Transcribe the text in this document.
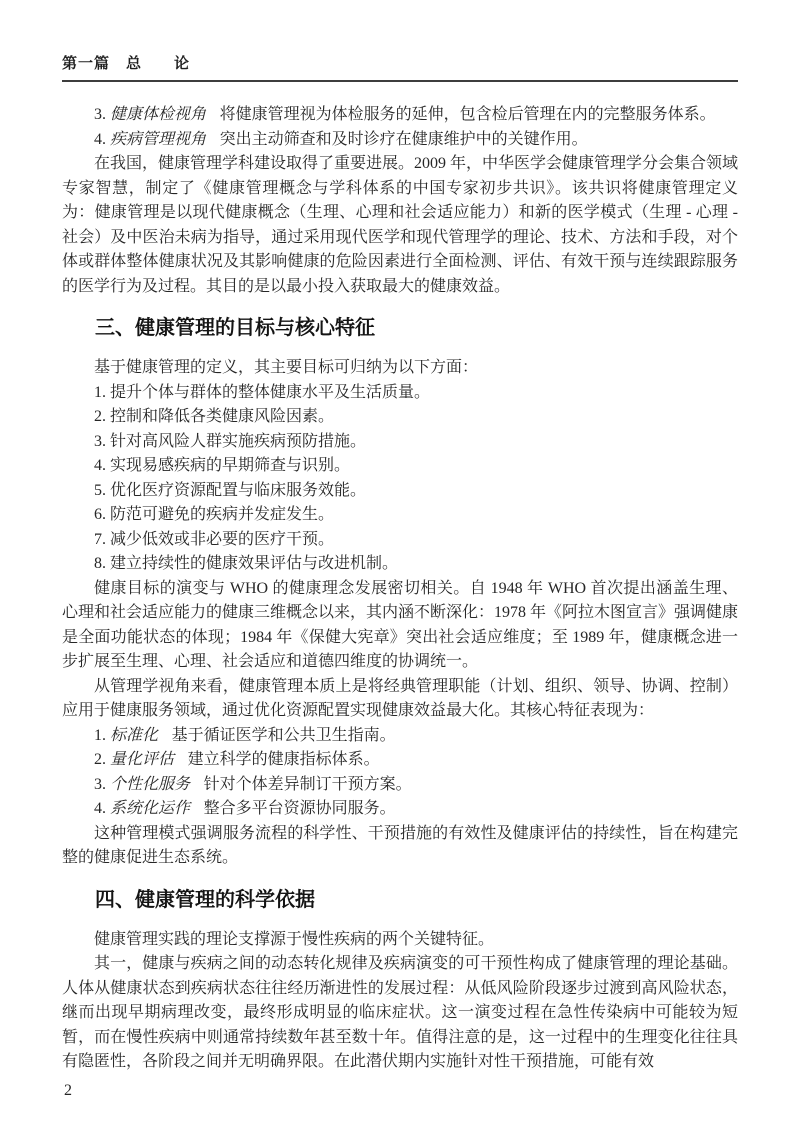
第一篇　总　　论

3. 健康体检视角 将健康管理视为体检服务的延伸，包含检后管理在内的完整服务体系。

4. 疾病管理视角 突出主动筛查和及时诊疗在健康维护中的关键作用。

在我国，健康管理学科建设取得了重要进展。2009 年，中华医学会健康管理学分会集合领域专家智慧，制定了《健康管理概念与学科体系的中国专家初步共识》。该共识将健康管理定义为：健康管理是以现代健康概念（生理、心理和社会适应能力）和新的医学模式（生理 - 心理 - 社会）及中医治未病为指导，通过采用现代医学和现代管理学的理论、技术、方法和手段，对个体或群体整体健康状况及其影响健康的危险因素进行全面检测、评估、有效干预与连续跟踪服务的医学行为及过程。其目的是以最小投入获取最大的健康效益。

三、健康管理的目标与核心特征

基于健康管理的定义，其主要目标可归纳为以下方面：

1. 提升个体与群体的整体健康水平及生活质量。

2. 控制和降低各类健康风险因素。

3. 针对高风险人群实施疾病预防措施。

4. 实现易感疾病的早期筛查与识别。

5. 优化医疗资源配置与临床服务效能。

6. 防范可避免的疾病并发症发生。

7. 减少低效或非必要的医疗干预。

8. 建立持续性的健康效果评估与改进机制。

健康目标的演变与 WHO 的健康理念发展密切相关。自 1948 年 WHO 首次提出涵盖生理、心理和社会适应能力的健康三维概念以来，其内涵不断深化：1978 年《阿拉木图宣言》强调健康是全面功能状态的体现；1984 年《保健大宪章》突出社会适应维度；至 1989 年，健康概念进一步扩展至生理、心理、社会适应和道德四维度的协调统一。

从管理学视角来看，健康管理本质上是将经典管理职能（计划、组织、领导、协调、控制）应用于健康服务领域，通过优化资源配置实现健康效益最大化。其核心特征表现为：

1. 标准化 基于循证医学和公共卫生指南。

2. 量化评估 建立科学的健康指标体系。

3. 个性化服务 针对个体差异制订干预方案。

4. 系统化运作 整合多平台资源协同服务。

这种管理模式强调服务流程的科学性、干预措施的有效性及健康评估的持续性，旨在构建完整的健康促进生态系统。

四、健康管理的科学依据

健康管理实践的理论支撑源于慢性疾病的两个关键特征。

其一，健康与疾病之间的动态转化规律及疾病演变的可干预性构成了健康管理的理论基础。人体从健康状态到疾病状态往往经历渐进性的发展过程：从低风险阶段逐步过渡到高风险状态，继而出现早期病理改变，最终形成明显的临床症状。这一演变过程在急性传染病中可能较为短暂，而在慢性疾病中则通常持续数年甚至数十年。值得注意的是，这一过程中的生理变化往往具有隐匿性，各阶段之间并无明确界限。在此潜伏期内实施针对性干预措施，可能有效

2
